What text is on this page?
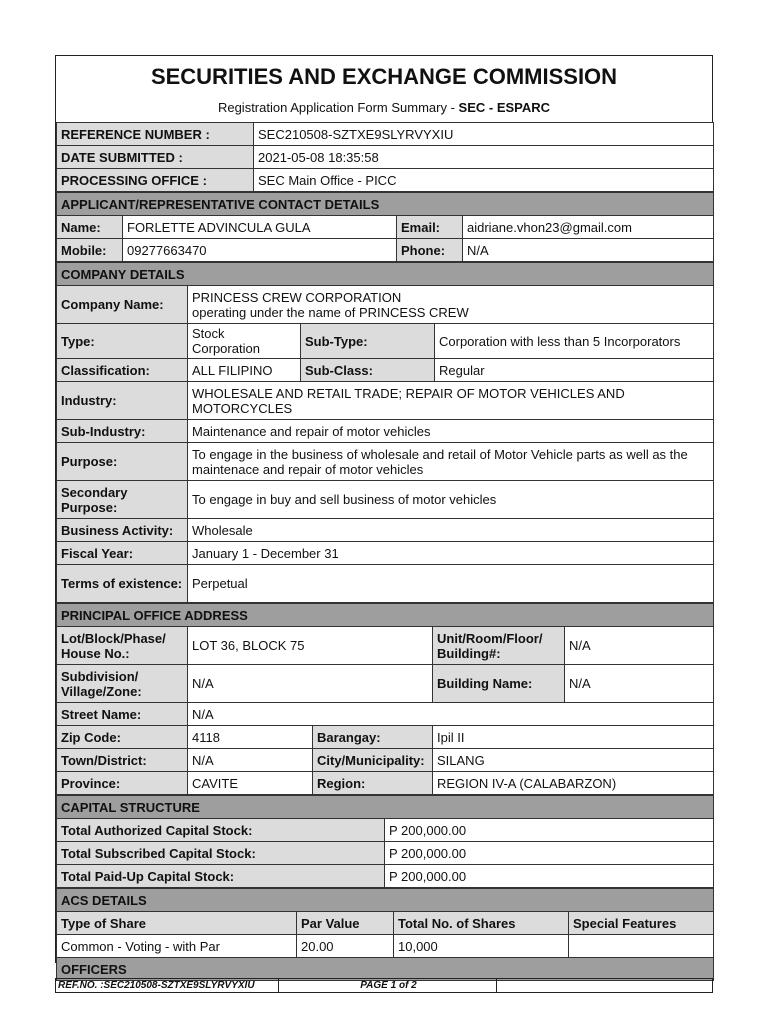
SECURITIES AND EXCHANGE COMMISSION
Registration Application Form Summary - SEC - ESPARC
REFERENCE NUMBER :	SEC210508-SZTXE9SLYRVYXIU
DATE SUBMITTED :	2021-05-08 18:35:58
PROCESSING OFFICE :	SEC Main Office - PICC
APPLICANT/REPRESENTATIVE CONTACT DETAILS			
Name:	FORLETTE ADVINCULA GULA	Email:	aidriane.vhon23@gmail.com
Mobile:	09277663470	Phone:	N/A
COMPANY DETAILS			
Company Name:	PRINCESS CREW CORPORATION
operating under the name of PRINCESS CREW		

Type:	Stock Corporation	Sub-Type:	Corporation with less than 5 Incorporators
Classification:	ALL FILIPINO	Sub-Class:	Regular
Industry:	WHOLESALE AND RETAIL TRADE; REPAIR OF MOTOR VEHICLES AND MOTORCYCLES		
Sub-Industry:	Maintenance and repair of motor vehicles		
Purpose:	To engage in the business of wholesale and retail of Motor Vehicle parts as well as the maintenace and repair of motor vehicles		
Secondary Purpose:	To engage in buy and sell business of motor vehicles		
Business Activity:	Wholesale		
Fiscal Year:	January 1 - December 31		
Terms of existence:	Perpetual		
PRINCIPAL OFFICE ADDRESS				
Lot/Block/Phase/ House No.:	LOT 36, BLOCK 75		Unit/Room/Floor/ Building#:	N/A
Subdivision/ Village/Zone:	N/A		Building Name:	N/A
Street Name:	N/A			
Zip Code:	4118	Barangay:	Ipil II	
Town/District:	N/A	City/Municipality:	SILANG	
Province:	CAVITE	Region:	REGION IV-A (CALABARZON)	
CAPITAL STRUCTURE	
Total Authorized Capital Stock:	P 200,000.00
Total Subscribed Capital Stock:	P 200,000.00
Total Paid-Up Capital Stock:	P 200,000.00
ACS DETAILS			
Type of Share	Par Value	Total No. of Shares	Special Features
Common - Voting - with Par	20.00	10,000	
OFFICERS			
REF.NO. :SEC210508-SZTXE9SLYRVYXIU	PAGE 1 of 2
